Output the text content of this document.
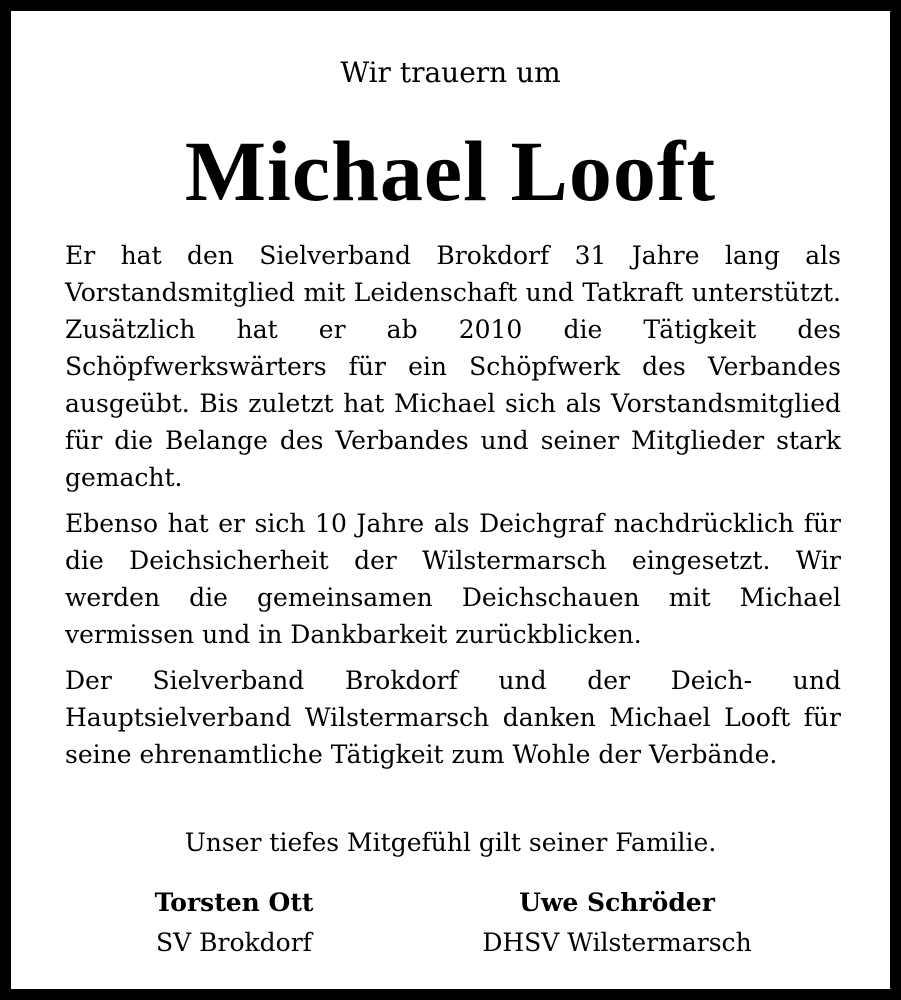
Wir trauern um
Michael Looft

Er hat den Sielverband Brokdorf 31 Jahre lang als Vorstandsmitglied mit Leidenschaft und Tatkraft unterstützt. Zusätzlich hat er ab 2010 die Tätigkeit des Schöpfwerkswärters für ein Schöpfwerk des Verbandes ausgeübt. Bis zuletzt hat Michael sich als Vorstandsmitglied für die Belange des Verbandes und seiner Mitglieder stark gemacht.

Ebenso hat er sich 10 Jahre als Deichgraf nachdrücklich für die Deichsicherheit der Wilstermarsch eingesetzt. Wir werden die gemeinsamen Deichschauen mit Michael vermissen und in Dankbarkeit zurückblicken.

Der Sielverband Brokdorf und der Deich- und Hauptsielverband Wilstermarsch danken Michael Looft für seine ehrenamtliche Tätigkeit zum Wohle der Verbände.

Unser tiefes Mitgefühl gilt seiner Familie.
Torsten Ott
SV Brokdorf
Uwe Schröder
DHSV Wilstermarsch
